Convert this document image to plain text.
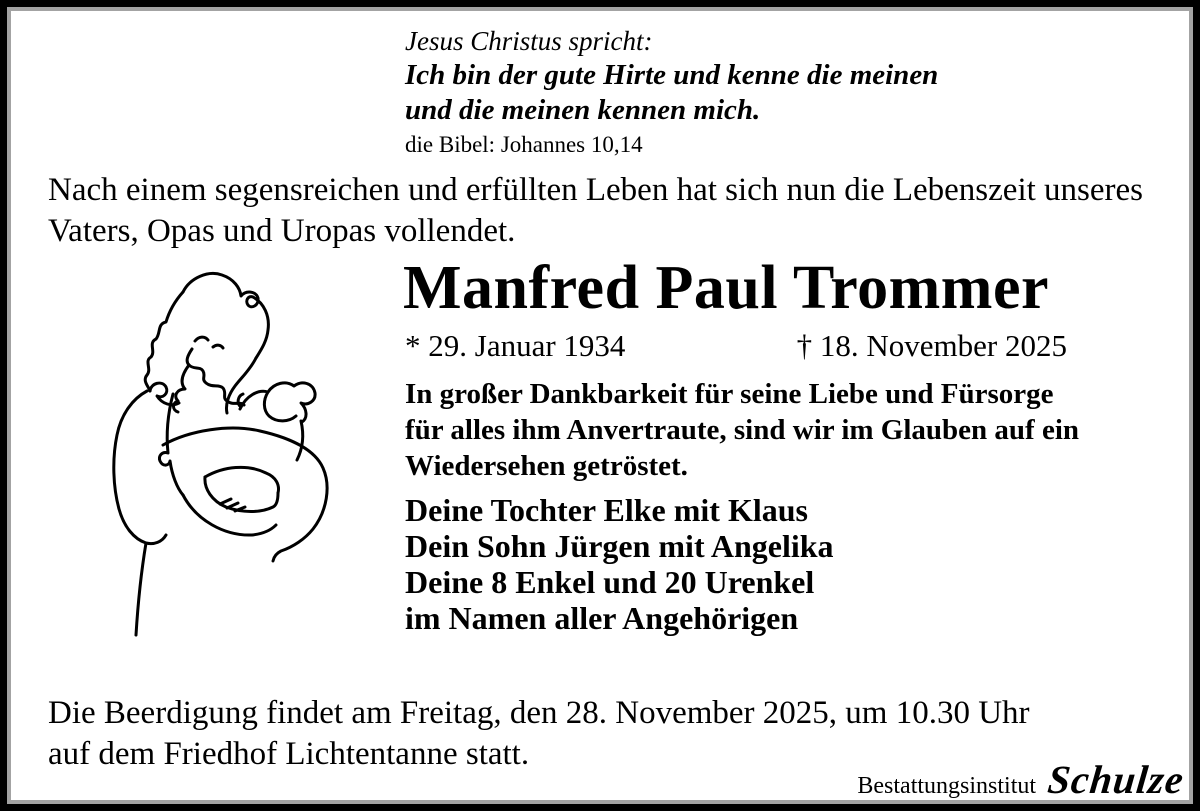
Jesus Christus spricht:
Ich bin der gute Hirte und kenne die meinen
und die meinen kennen mich.
die Bibel: Johannes 10,14
Nach einem segensreichen und erfüllten Leben hat sich nun die Lebenszeit unseres
Vaters, Opas und Uropas vollendet.
Manfred Paul Trommer
* 29. Januar 1934	† 18. November 2025
In großer Dankbarkeit für seine Liebe und Fürsorge
für alles ihm Anvertraute, sind wir im Glauben auf ein
Wiedersehen getröstet.
Deine Tochter Elke mit Klaus
Dein Sohn Jürgen mit Angelika
Deine 8 Enkel und 20 Urenkel
im Namen aller Angehörigen
Die Beerdigung findet am Freitag, den 28. November 2025, um 10.30 Uhr
auf dem Friedhof Lichtentanne statt.
Bestattungsinstitut Schulze
